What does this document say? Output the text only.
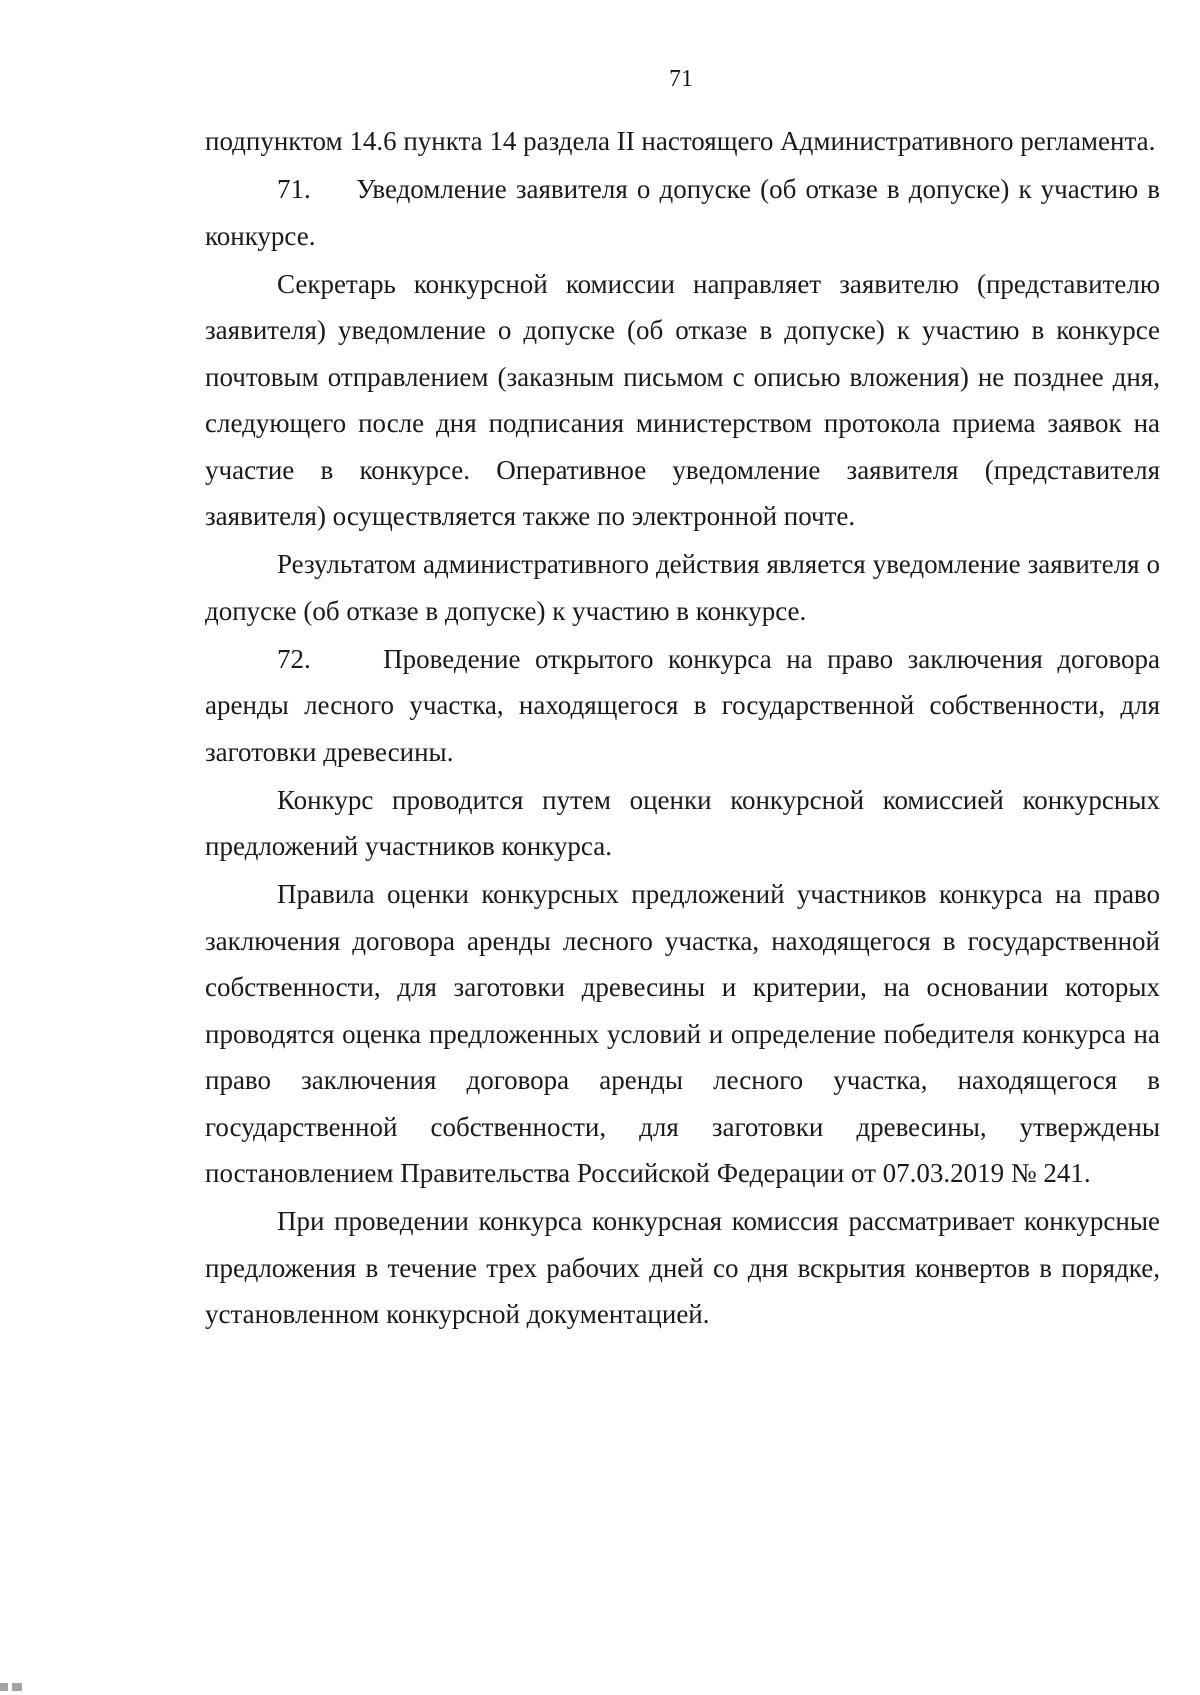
71

подпунктом 14.6 пункта 14 раздела II настоящего Административного регламента.

71. Уведомление заявителя о допуске (об отказе в допуске) к участию в конкурсе.

Секретарь конкурсной комиссии направляет заявителю (представителю заявителя) уведомление о допуске (об отказе в допуске) к участию в конкурсе почтовым отправлением (заказным письмом с описью вложения) не позднее дня, следующего после дня подписания министерством протокола приема заявок на участие в конкурсе. Оперативное уведомление заявителя (представителя заявителя) осуществляется также по электронной почте.

Результатом административного действия является уведомление заявителя о допуске (об отказе в допуске) к участию в конкурсе.

72.	Проведение открытого конкурса на право заключения договора аренды лесного участка, находящегося в государственной собственности, для заготовки древесины.

Конкурс проводится путем оценки конкурсной комиссией конкурсных предложений участников конкурса.

Правила оценки конкурсных предложений участников конкурса на право заключения договора аренды лесного участка, находящегося в государственной собственности, для заготовки древесины и критерии, на основании которых проводятся оценка предложенных условий и определение победителя конкурса на право заключения договора аренды лесного участка, находящегося в государственной собственности, для заготовки древесины, утверждены постановлением Правительства Российской Федерации от 07.03.2019 № 241.

При проведении конкурса конкурсная комиссия рассматривает конкурсные предложения в течение трех рабочих дней со дня вскрытия конвертов в порядке, установленном конкурсной документацией.
